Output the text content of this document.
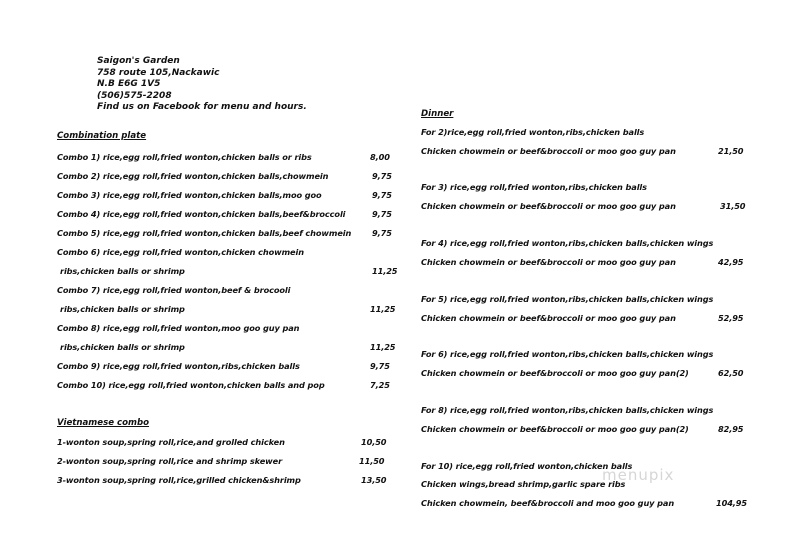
Saigon's Garden
758 route 105,Nackawic
N.B E6G 1V5
(506)575-2208
Find us on Facebook for menu and hours.
Combination plate
Combo 1) rice,egg roll,fried wonton,chicken balls or ribs	8,00
Combo 2) rice,egg roll,fried wonton,chicken balls,chowmein	9,75
Combo 3) rice,egg roll,fried wonton,chicken balls,moo goo	9,75
Combo 4) rice,egg roll,fried wonton,chicken balls,beef&broccoli	9,75
Combo 5) rice,egg roll,fried wonton,chicken balls,beef chowmein	9,75
Combo 6) rice,egg roll,fried wonton,chicken chowmein
ribs,chicken balls or shrimp	11,25
Combo 7) rice,egg roll,fried wonton,beef & brocooli
ribs,chicken balls or shrimp	11,25
Combo 8) rice,egg roll,fried wonton,moo goo guy pan
ribs,chicken balls or shrimp	11,25
Combo 9) rice,egg roll,fried wonton,ribs,chicken balls	9,75
Combo 10) rice,egg roll,fried wonton,chicken balls and pop	7,25
Vietnamese combo
1-wonton soup,spring roll,rice,and grolled chicken	10,50
2-wonton soup,spring roll,rice and shrimp skewer	11,50
3-wonton soup,spring roll,rice,grilled chicken&shrimp	13,50
Dinner
For 2)rice,egg roll,fried wonton,ribs,chicken balls
Chicken chowmein or beef&broccoli or moo goo guy pan	21,50
For 3) rice,egg roll,fried wonton,ribs,chicken balls
Chicken chowmein or beef&broccoli or moo goo guy pan	31,50
For 4) rice,egg roll,fried wonton,ribs,chicken balls,chicken wings
Chicken chowmein or beef&broccoli or moo goo guy pan	42,95
For 5) rice,egg roll,fried wonton,ribs,chicken balls,chicken wings
Chicken chowmein or beef&broccoli or moo goo guy pan	52,95
For 6) rice,egg roll,fried wonton,ribs,chicken balls,chicken wings
Chicken chowmein or beef&broccoli or moo goo guy pan(2)	62,50
For 8) rice,egg roll,fried wonton,ribs,chicken balls,chicken wings
Chicken chowmein or beef&broccoli or moo goo guy pan(2)	82,95
For 10) rice,egg roll,fried wonton,chicken balls
Chicken wings,bread shrimp,garlic spare ribs
Chicken chowmein, beef&broccoli and moo goo guy pan	104,95
menupix
